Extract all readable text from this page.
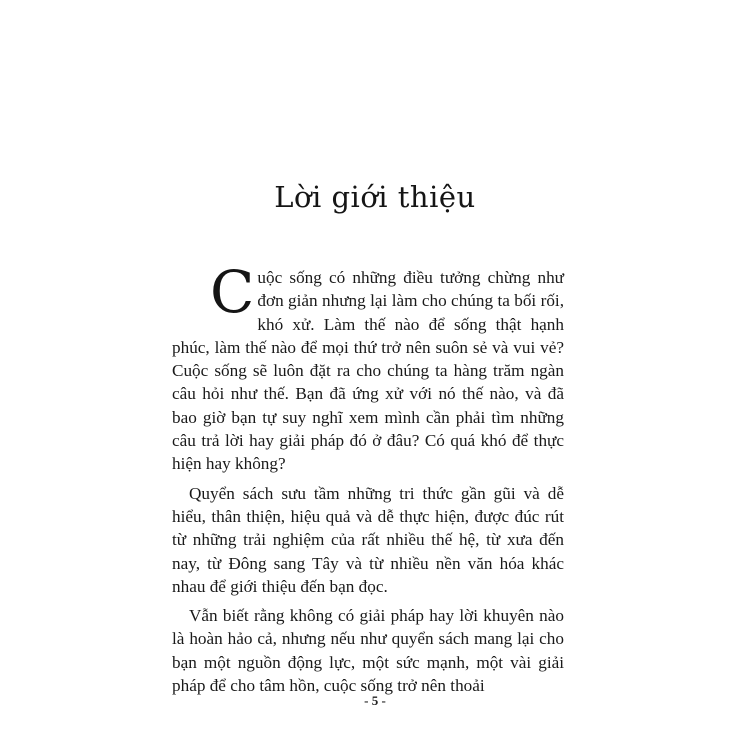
Lời giới thiệu

Cuộc sống có những điều tưởng chừng như đơn giản nhưng lại làm cho chúng ta bối rối, khó xử. Làm thế nào để sống thật hạnh phúc, làm thế nào để mọi thứ trở nên suôn sẻ và vui vẻ? Cuộc sống sẽ luôn đặt ra cho chúng ta hàng trăm ngàn câu hỏi như thế. Bạn đã ứng xử với nó thế nào, và đã bao giờ bạn tự suy nghĩ xem mình cần phải tìm những câu trả lời hay giải pháp đó ở đâu? Có quá khó để thực hiện hay không?

Quyển sách sưu tầm những tri thức gần gũi và dễ hiểu, thân thiện, hiệu quả và dễ thực hiện, được đúc rút từ những trải nghiệm của rất nhiều thế hệ, từ xưa đến nay, từ Đông sang Tây và từ nhiều nền văn hóa khác nhau để giới thiệu đến bạn đọc.

Vẫn biết rằng không có giải pháp hay lời khuyên nào là hoàn hảo cả, nhưng nếu như quyển sách mang lại cho bạn một nguồn động lực, một sức mạnh, một vài giải pháp để cho tâm hồn, cuộc sống trở nên thoải

- 5 -
